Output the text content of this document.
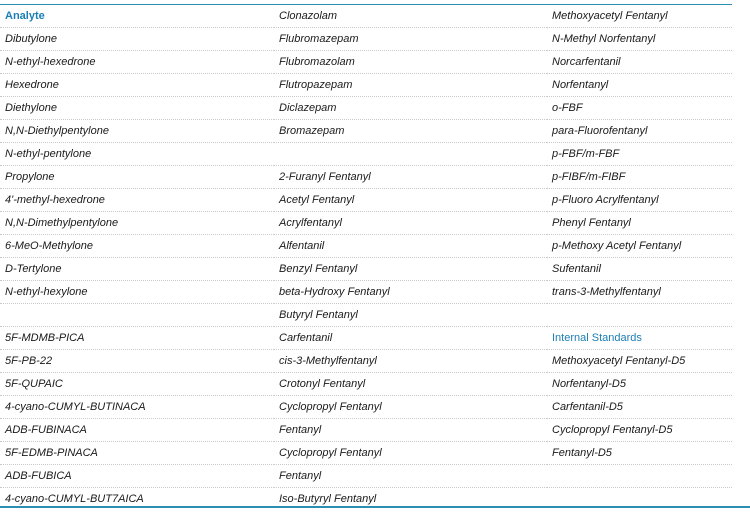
Analyte	Clonazolam	Methoxyacetyl Fentanyl
Dibutylone	Flubromazepam	N-Methyl Norfentanyl
N-ethyl-hexedrone	Flubromazolam	Norcarfentanil
Hexedrone	Flutropazepam	Norfentanyl
Diethylone	Diclazepam	o-FBF
N,N-Diethylpentylone	Bromazepam	para-Fluorofentanyl
N-ethyl-pentylone		p-FBF/m-FBF
Propylone	2-Furanyl Fentanyl	p-FIBF/m-FIBF
4'-methyl-hexedrone	Acetyl Fentanyl	p-Fluoro Acrylfentanyl
N,N-Dimethylpentylone	Acrylfentanyl	Phenyl Fentanyl
6-MeO-Methylone	Alfentanil	p-Methoxy Acetyl Fentanyl
D-Tertylone	Benzyl Fentanyl	Sufentanil
N-ethyl-hexylone	beta-Hydroxy Fentanyl	trans-3-Methylfentanyl
	Butyryl Fentanyl	
5F-MDMB-PICA	Carfentanil	Internal Standards
5F-PB-22	cis-3-Methylfentanyl	Methoxyacetyl Fentanyl-D5
5F-QUPAIC	Crotonyl Fentanyl	Norfentanyl-D5
4-cyano-CUMYL-BUTINACA	Cyclopropyl Fentanyl	Carfentanil-D5
ADB-FUBINACA	Fentanyl	Cyclopropyl Fentanyl-D5
5F-EDMB-PINACA	Cyclopropyl Fentanyl	Fentanyl-D5
ADB-FUBICA	Fentanyl	
4-cyano-CUMYL-BUT7AICA	Iso-Butyryl Fentanyl	
